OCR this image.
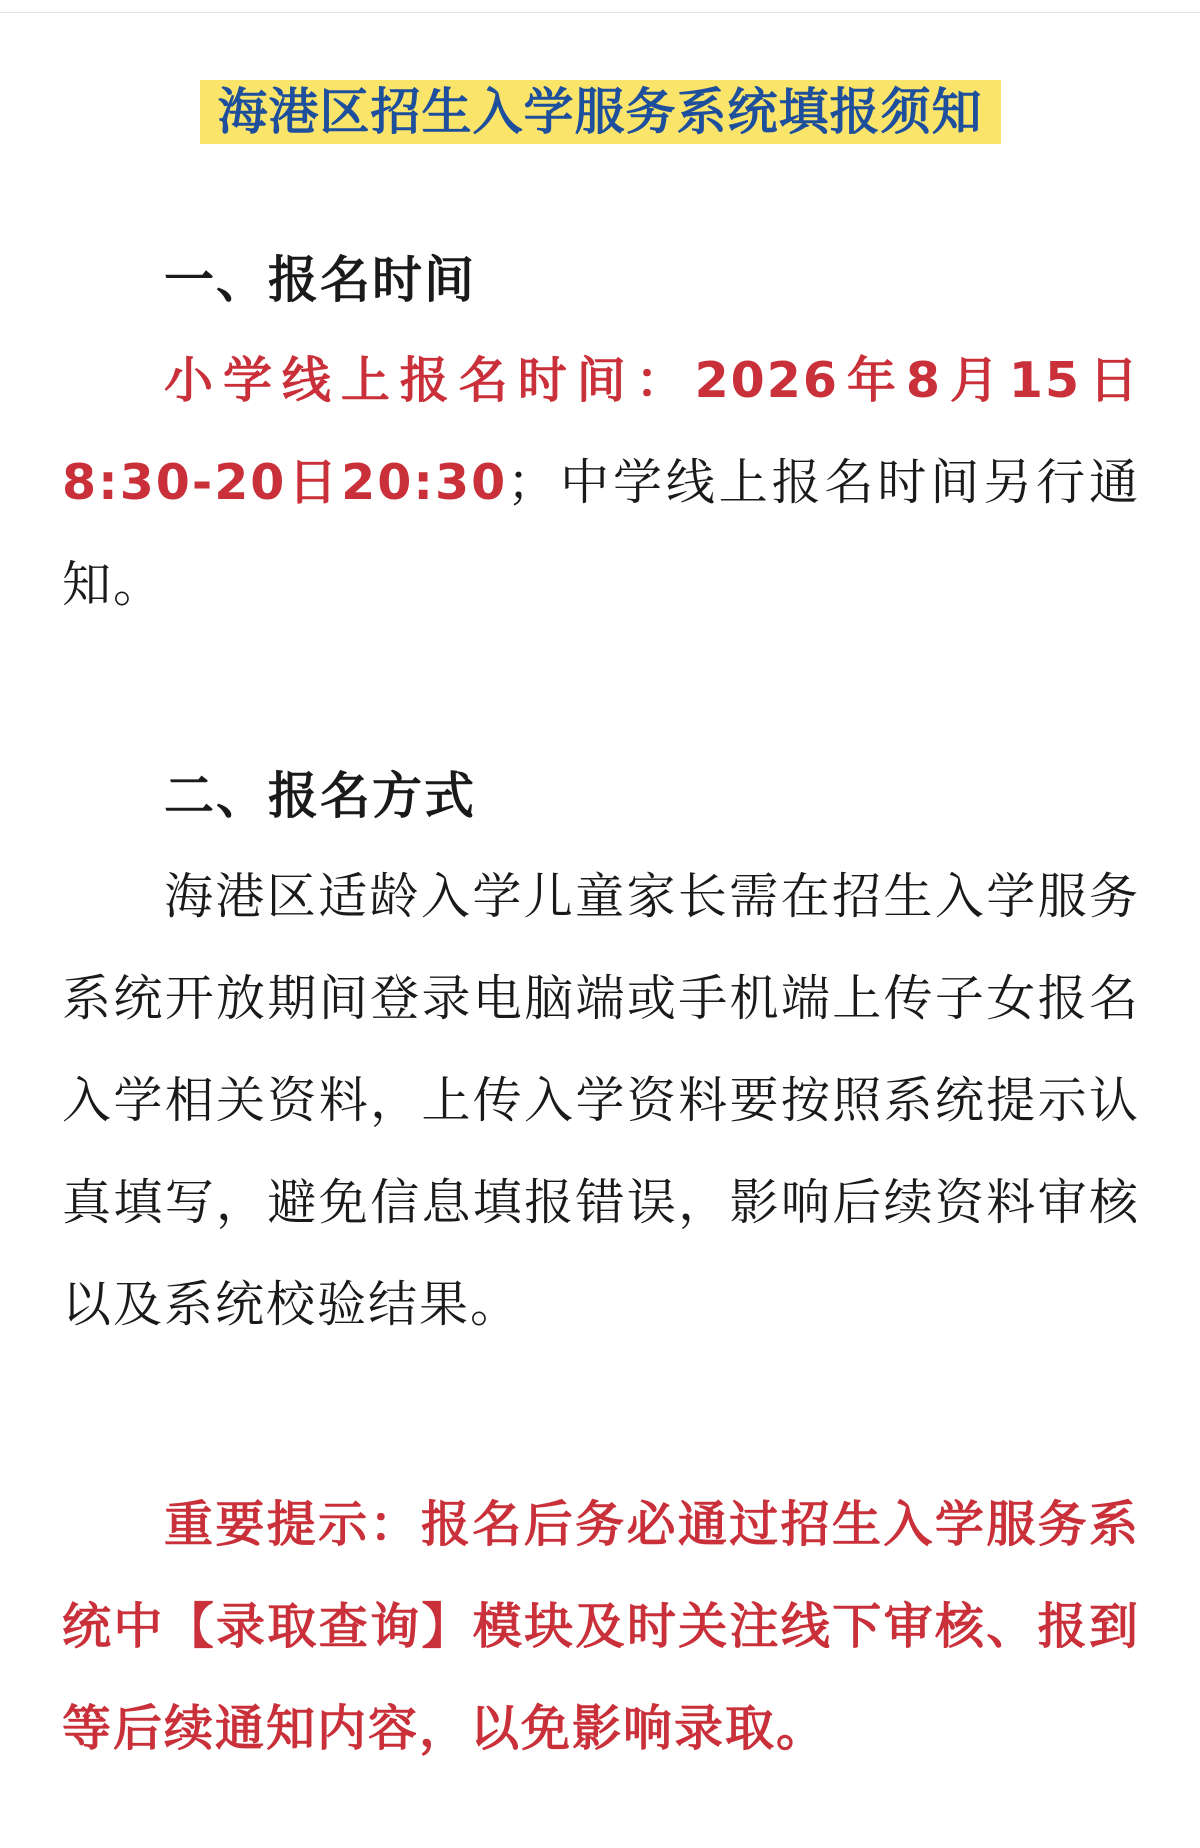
海港区招生入学服务系统填报须知
一、报名时间

小学线上报名时间：2026年8月15日8:30-20日20:30；中学线上报名时间另行通知。

二、报名方式

海港区适龄入学儿童家长需在招生入学服务系统开放期间登录电脑端或手机端上传子女报名入学相关资料，上传入学资料要按照系统提示认真填写，避免信息填报错误，影响后续资料审核以及系统校验结果。

重要提示：报名后务必通过招生入学服务系统中【录取查询】模块及时关注线下审核、报到等后续通知内容，以免影响录取。
